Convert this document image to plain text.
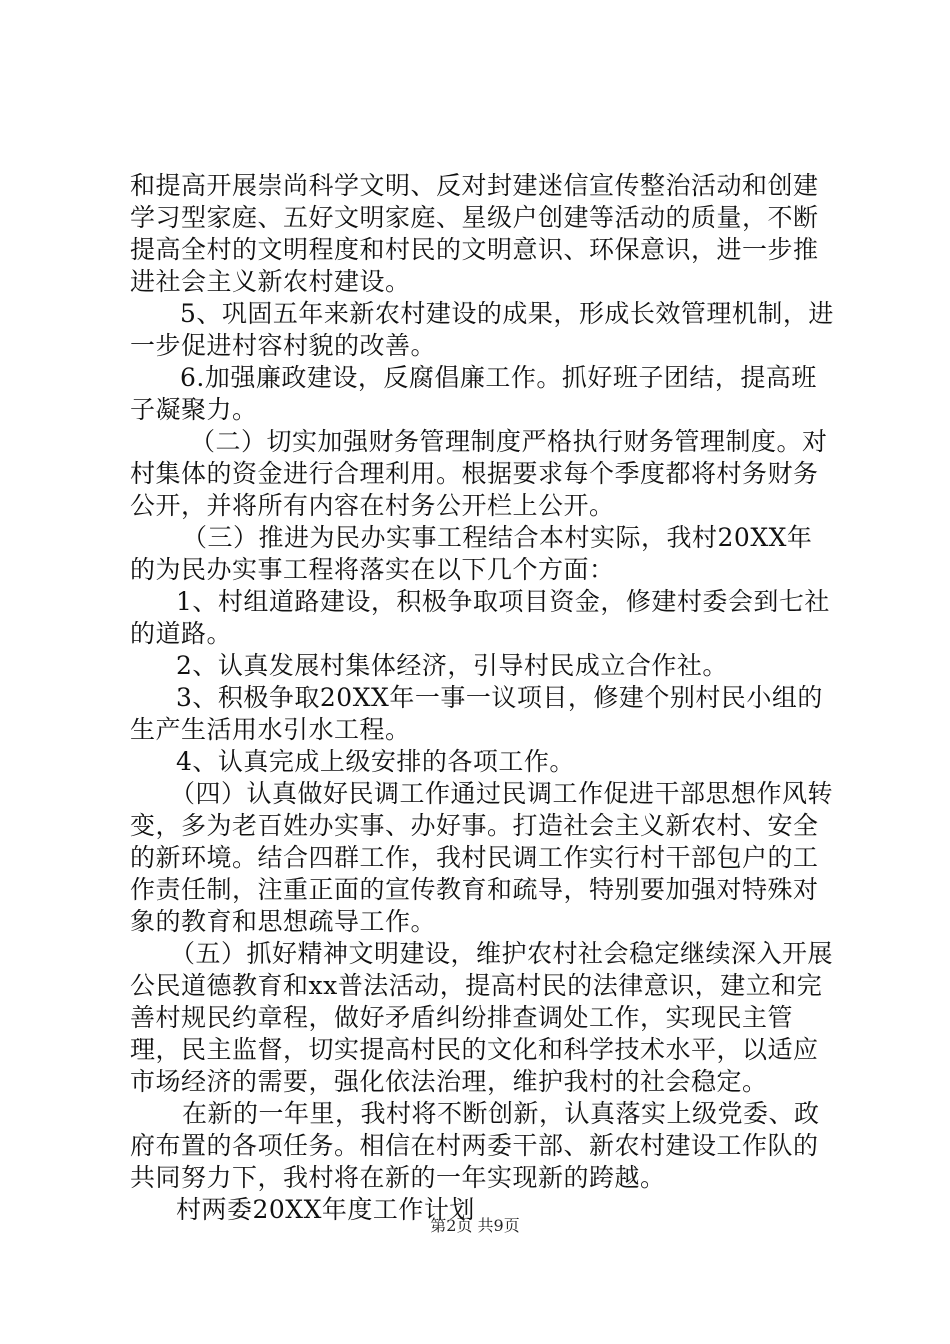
和提高开展崇尚科学文明、反对封建迷信宣传整治活动和创建学习型家庭、五好文明家庭、星级户创建等活动的质量，不断提高全村的文明程度和村民的文明意识、环保意识，进一步推进社会主义新农村建设。

5、巩固五年来新农村建设的成果，形成长效管理机制，进一步促进村容村貌的改善。

6.加强廉政建设，反腐倡廉工作。抓好班子团结，提高班子凝聚力。

（二）切实加强财务管理制度严格执行财务管理制度。对村集体的资金进行合理利用。根据要求每个季度都将村务财务公开，并将所有内容在村务公开栏上公开。

（三）推进为民办实事工程结合本村实际，我村20XX年的为民办实事工程将落实在以下几个方面：

1、村组道路建设，积极争取项目资金，修建村委会到七社的道路。

2、认真发展村集体经济，引导村民成立合作社。

3、积极争取20XX年一事一议项目，修建个别村民小组的生产生活用水引水工程。

4、认真完成上级安排的各项工作。

（四）认真做好民调工作通过民调工作促进干部思想作风转变，多为老百姓办实事、办好事。打造社会主义新农村、安全的新环境。结合四群工作，我村民调工作实行村干部包户的工作责任制，注重正面的宣传教育和疏导，特别要加强对特殊对象的教育和思想疏导工作。

（五）抓好精神文明建设，维护农村社会稳定继续深入开展公民道德教育和xx普法活动，提高村民的法律意识，建立和完善村规民约章程，做好矛盾纠纷排查调处工作，实现民主管理，民主监督，切实提高村民的文化和科学技术水平，以适应市场经济的需要，强化依法治理，维护我村的社会稳定。

在新的一年里，我村将不断创新，认真落实上级党委、政府布置的各项任务。相信在村两委干部、新农村建设工作队的共同努力下，我村将在新的一年实现新的跨越。

村两委20XX年度工作计划

第2页 共9页
